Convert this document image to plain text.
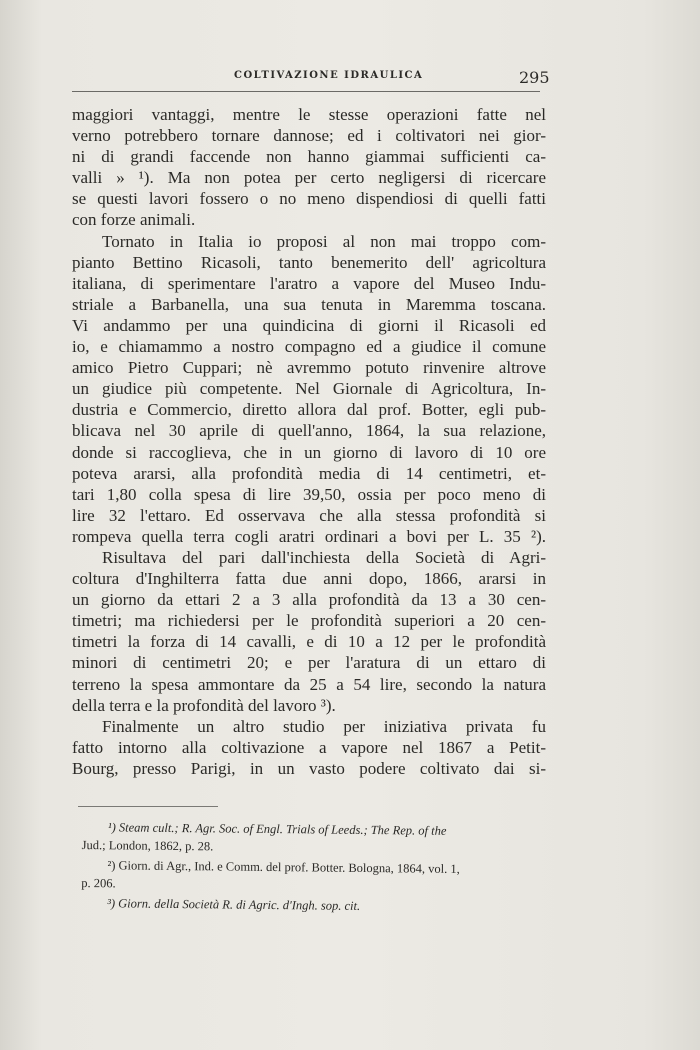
COLTIVAZIONE IDRAULICA	295

maggiori vantaggi, mentre le stesse operazioni fatte nel
verno potrebbero tornare dannose; ed i coltivatori nei gior-
ni di grandi faccende non hanno giammai sufficienti ca-
valli » ¹). Ma non potea per certo negligersi di ricercare
se questi lavori fossero o no meno dispendiosi di quelli fatti
con forze animali.

Tornato in Italia io proposi al non mai troppo com-
pianto Bettino Ricasoli, tanto benemerito dell' agricoltura
italiana, di sperimentare l'aratro a vapore del Museo Indu-
striale a Barbanella, una sua tenuta in Maremma toscana.
Vi andammo per una quindicina di giorni il Ricasoli ed
io, e chiamammo a nostro compagno ed a giudice il comune
amico Pietro Cuppari; nè avremmo potuto rinvenire altrove
un giudice più competente. Nel Giornale di Agricoltura, In-
dustria e Commercio, diretto allora dal prof. Botter, egli pub-
blicava nel 30 aprile di quell'anno, 1864, la sua relazione,
donde si raccoglieva, che in un giorno di lavoro di 10 ore
poteva ararsi, alla profondità media di 14 centimetri, et-
tari 1,80 colla spesa di lire 39,50, ossia per poco meno di
lire 32 l'ettaro. Ed osservava che alla stessa profondità si
rompeva quella terra cogli aratri ordinari a bovi per L. 35 ²).

Risultava del pari dall'inchiesta della Società di Agri-
coltura d'Inghilterra fatta due anni dopo, 1866, ararsi in
un giorno da ettari 2 a 3 alla profondità da 13 a 30 cen-
timetri; ma richiedersi per le profondità superiori a 20 cen-
timetri la forza di 14 cavalli, e di 10 a 12 per le profondità
minori di centimetri 20; e per l'aratura di un ettaro di
terreno la spesa ammontare da 25 a 54 lire, secondo la natura
della terra e la profondità del lavoro ³).

Finalmente un altro studio per iniziativa privata fu
fatto intorno alla coltivazione a vapore nel 1867 a Petit-
Bourg, presso Parigi, in un vasto podere coltivato dai si-

¹) Steam cult.; R. Agr. Soc. of Engl. Trials of Leeds.; The Rep. of the
Jud.; London, 1862, p. 28.

²) Giorn. di Agr., Ind. e Comm. del prof. Botter. Bologna, 1864, vol. 1,
p. 206.

³) Giorn. della Società R. di Agric. d'Ingh. sop. cit.
